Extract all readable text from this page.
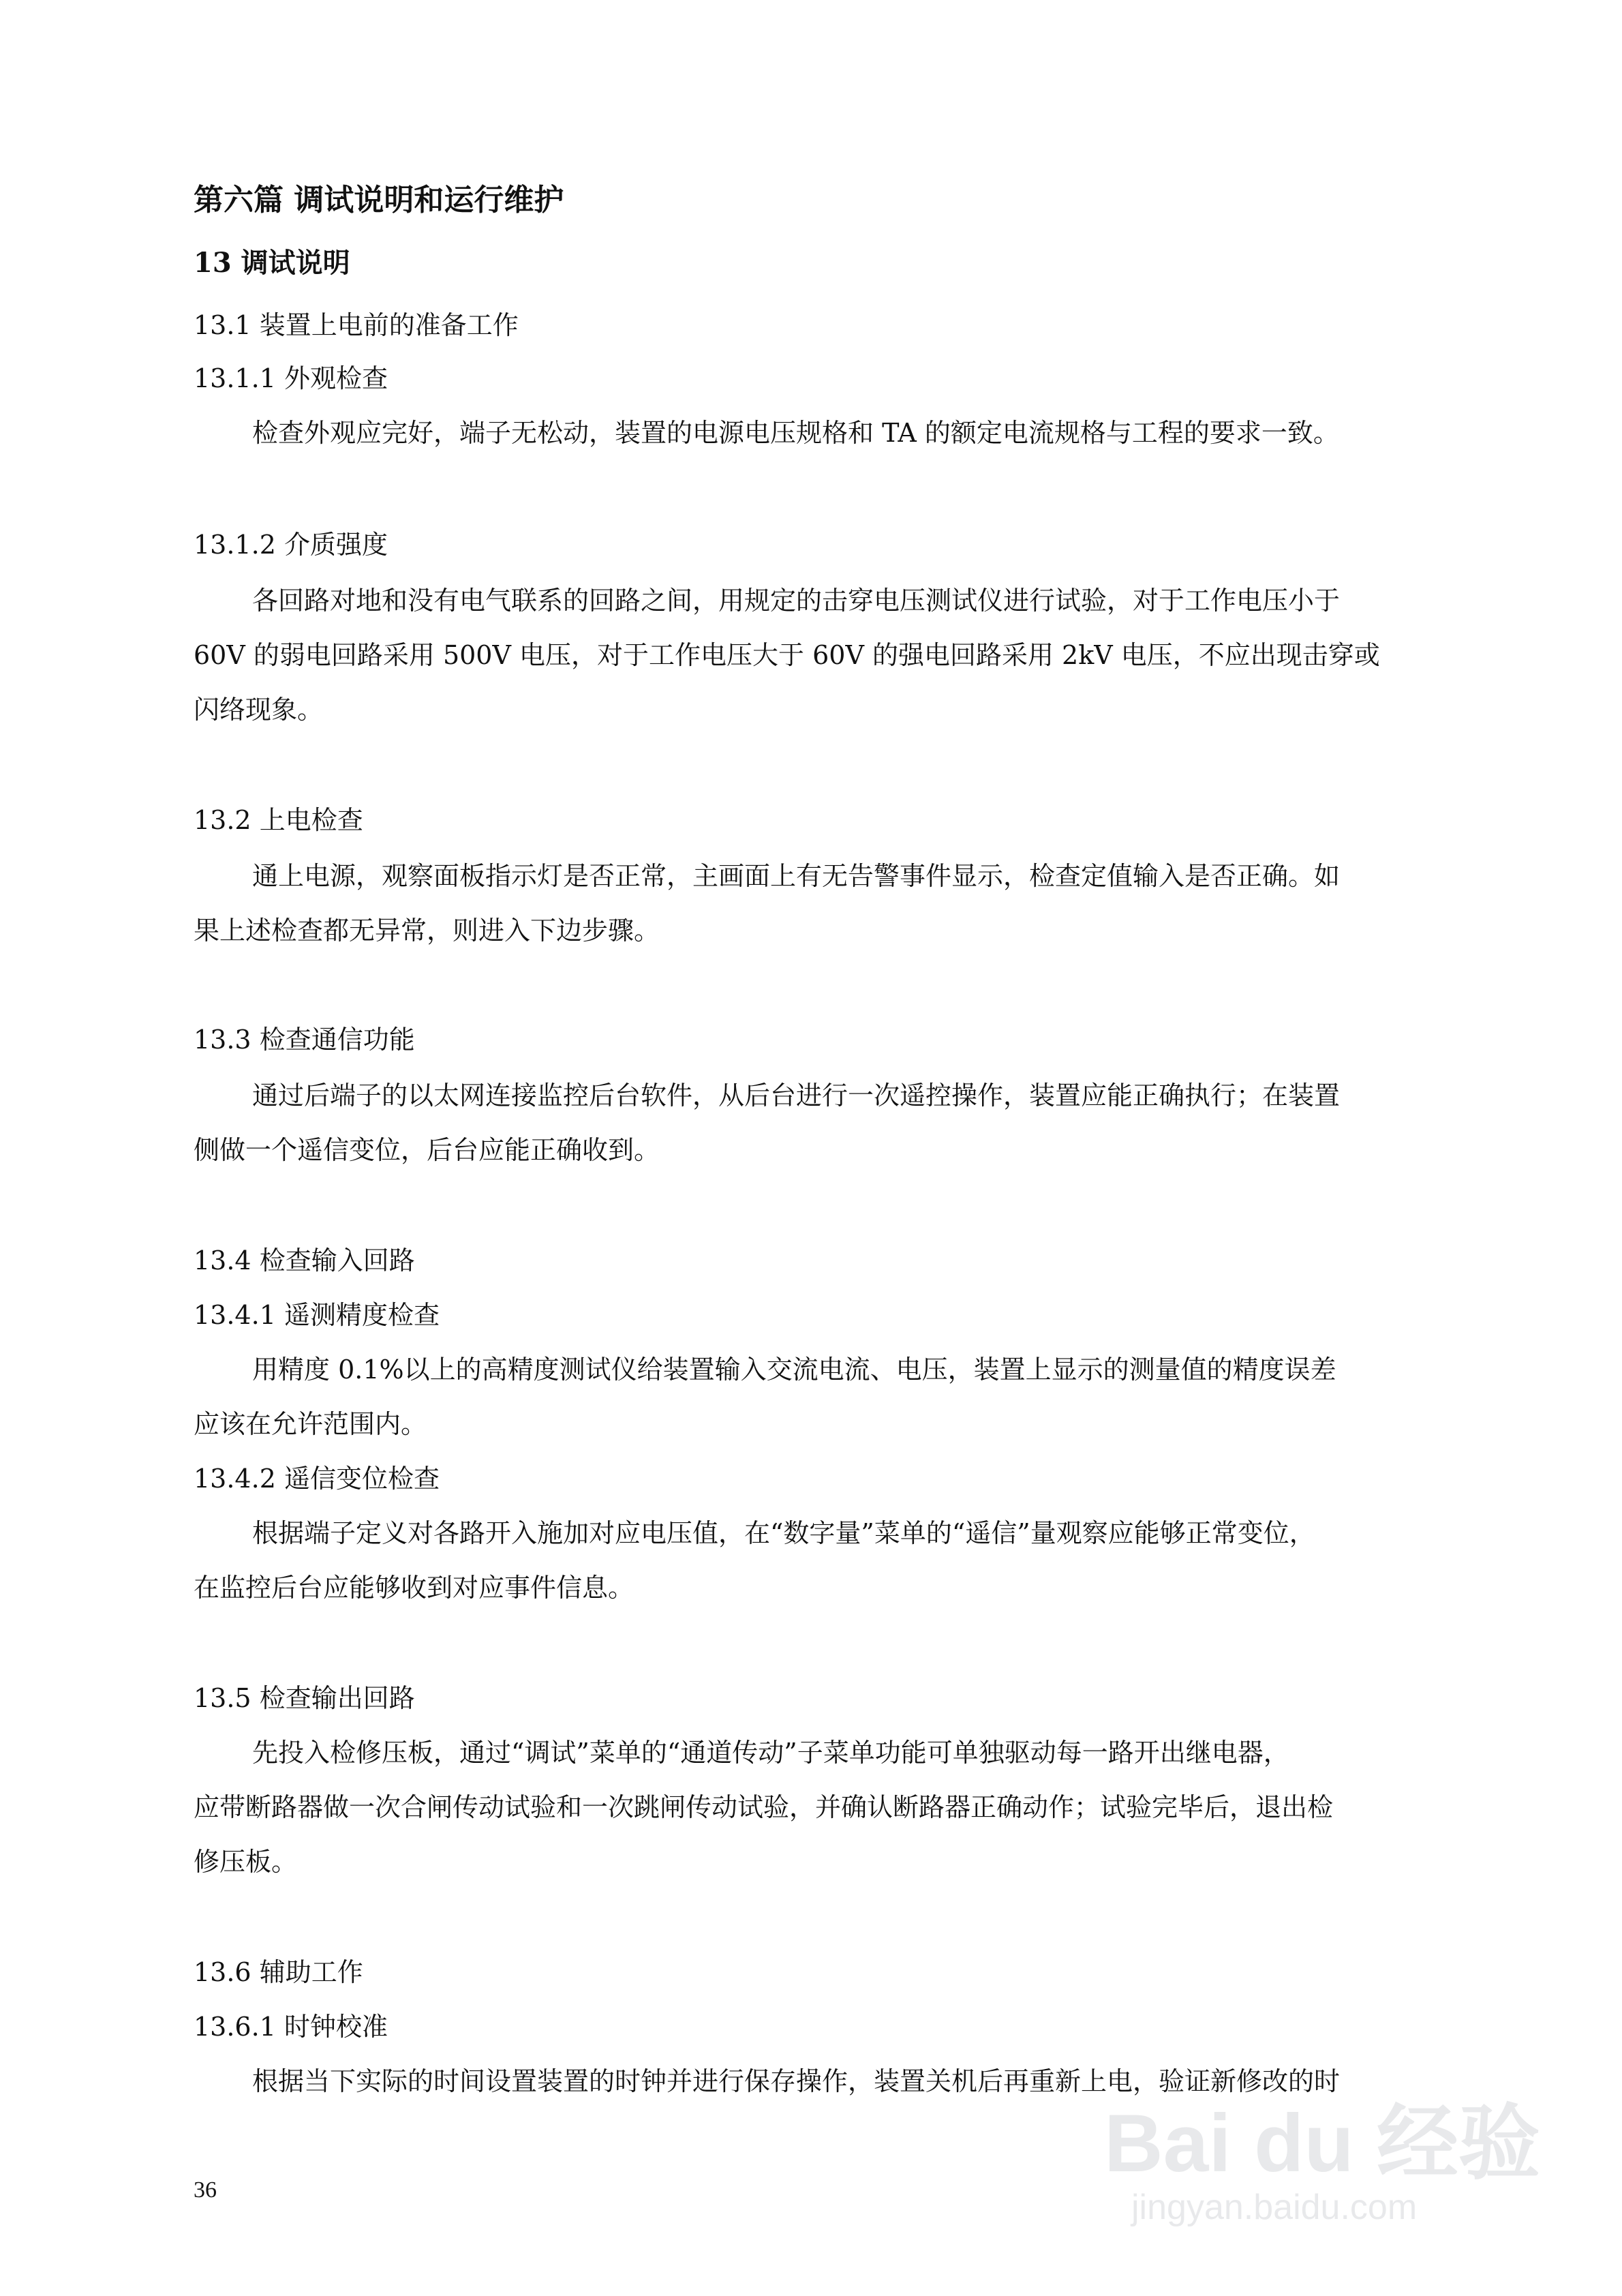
第六篇 调试说明和运行维护
13 调试说明
13.1 装置上电前的准备工作
13.1.1 外观检查
检查外观应完好，端子无松动，装置的电源电压规格和 TA 的额定电流规格与工程的要求一致。
13.1.2 介质强度
各回路对地和没有电气联系的回路之间，用规定的击穿电压测试仪进行试验，对于工作电压小于
60V 的弱电回路采用 500V 电压，对于工作电压大于 60V 的强电回路采用 2kV 电压，不应出现击穿或
闪络现象。
13.2 上电检查
通上电源，观察面板指示灯是否正常，主画面上有无告警事件显示，检查定值输入是否正确。如
果上述检查都无异常，则进入下边步骤。
13.3 检查通信功能
通过后端子的以太网连接监控后台软件，从后台进行一次遥控操作，装置应能正确执行；在装置
侧做一个遥信变位，后台应能正确收到。
13.4 检查输入回路
13.4.1 遥测精度检查
用精度 0.1%以上的高精度测试仪给装置输入交流电流、电压，装置上显示的测量值的精度误差
应该在允许范围内。
13.4.2 遥信变位检查
根据端子定义对各路开入施加对应电压值，在“数字量”菜单的“遥信”量观察应能够正常变位，
在监控后台应能够收到对应事件信息。
13.5 检查输出回路
先投入检修压板，通过“调试”菜单的“通道传动”子菜单功能可单独驱动每一路开出继电器，
应带断路器做一次合闸传动试验和一次跳闸传动试验，并确认断路器正确动作；试验完毕后，退出检
修压板。
13.6 辅助工作
13.6.1 时钟校准
根据当下实际的时间设置装置的时钟并进行保存操作，装置关机后再重新上电，验证新修改的时
36
Bai du 经验
jingyan.baidu.com
